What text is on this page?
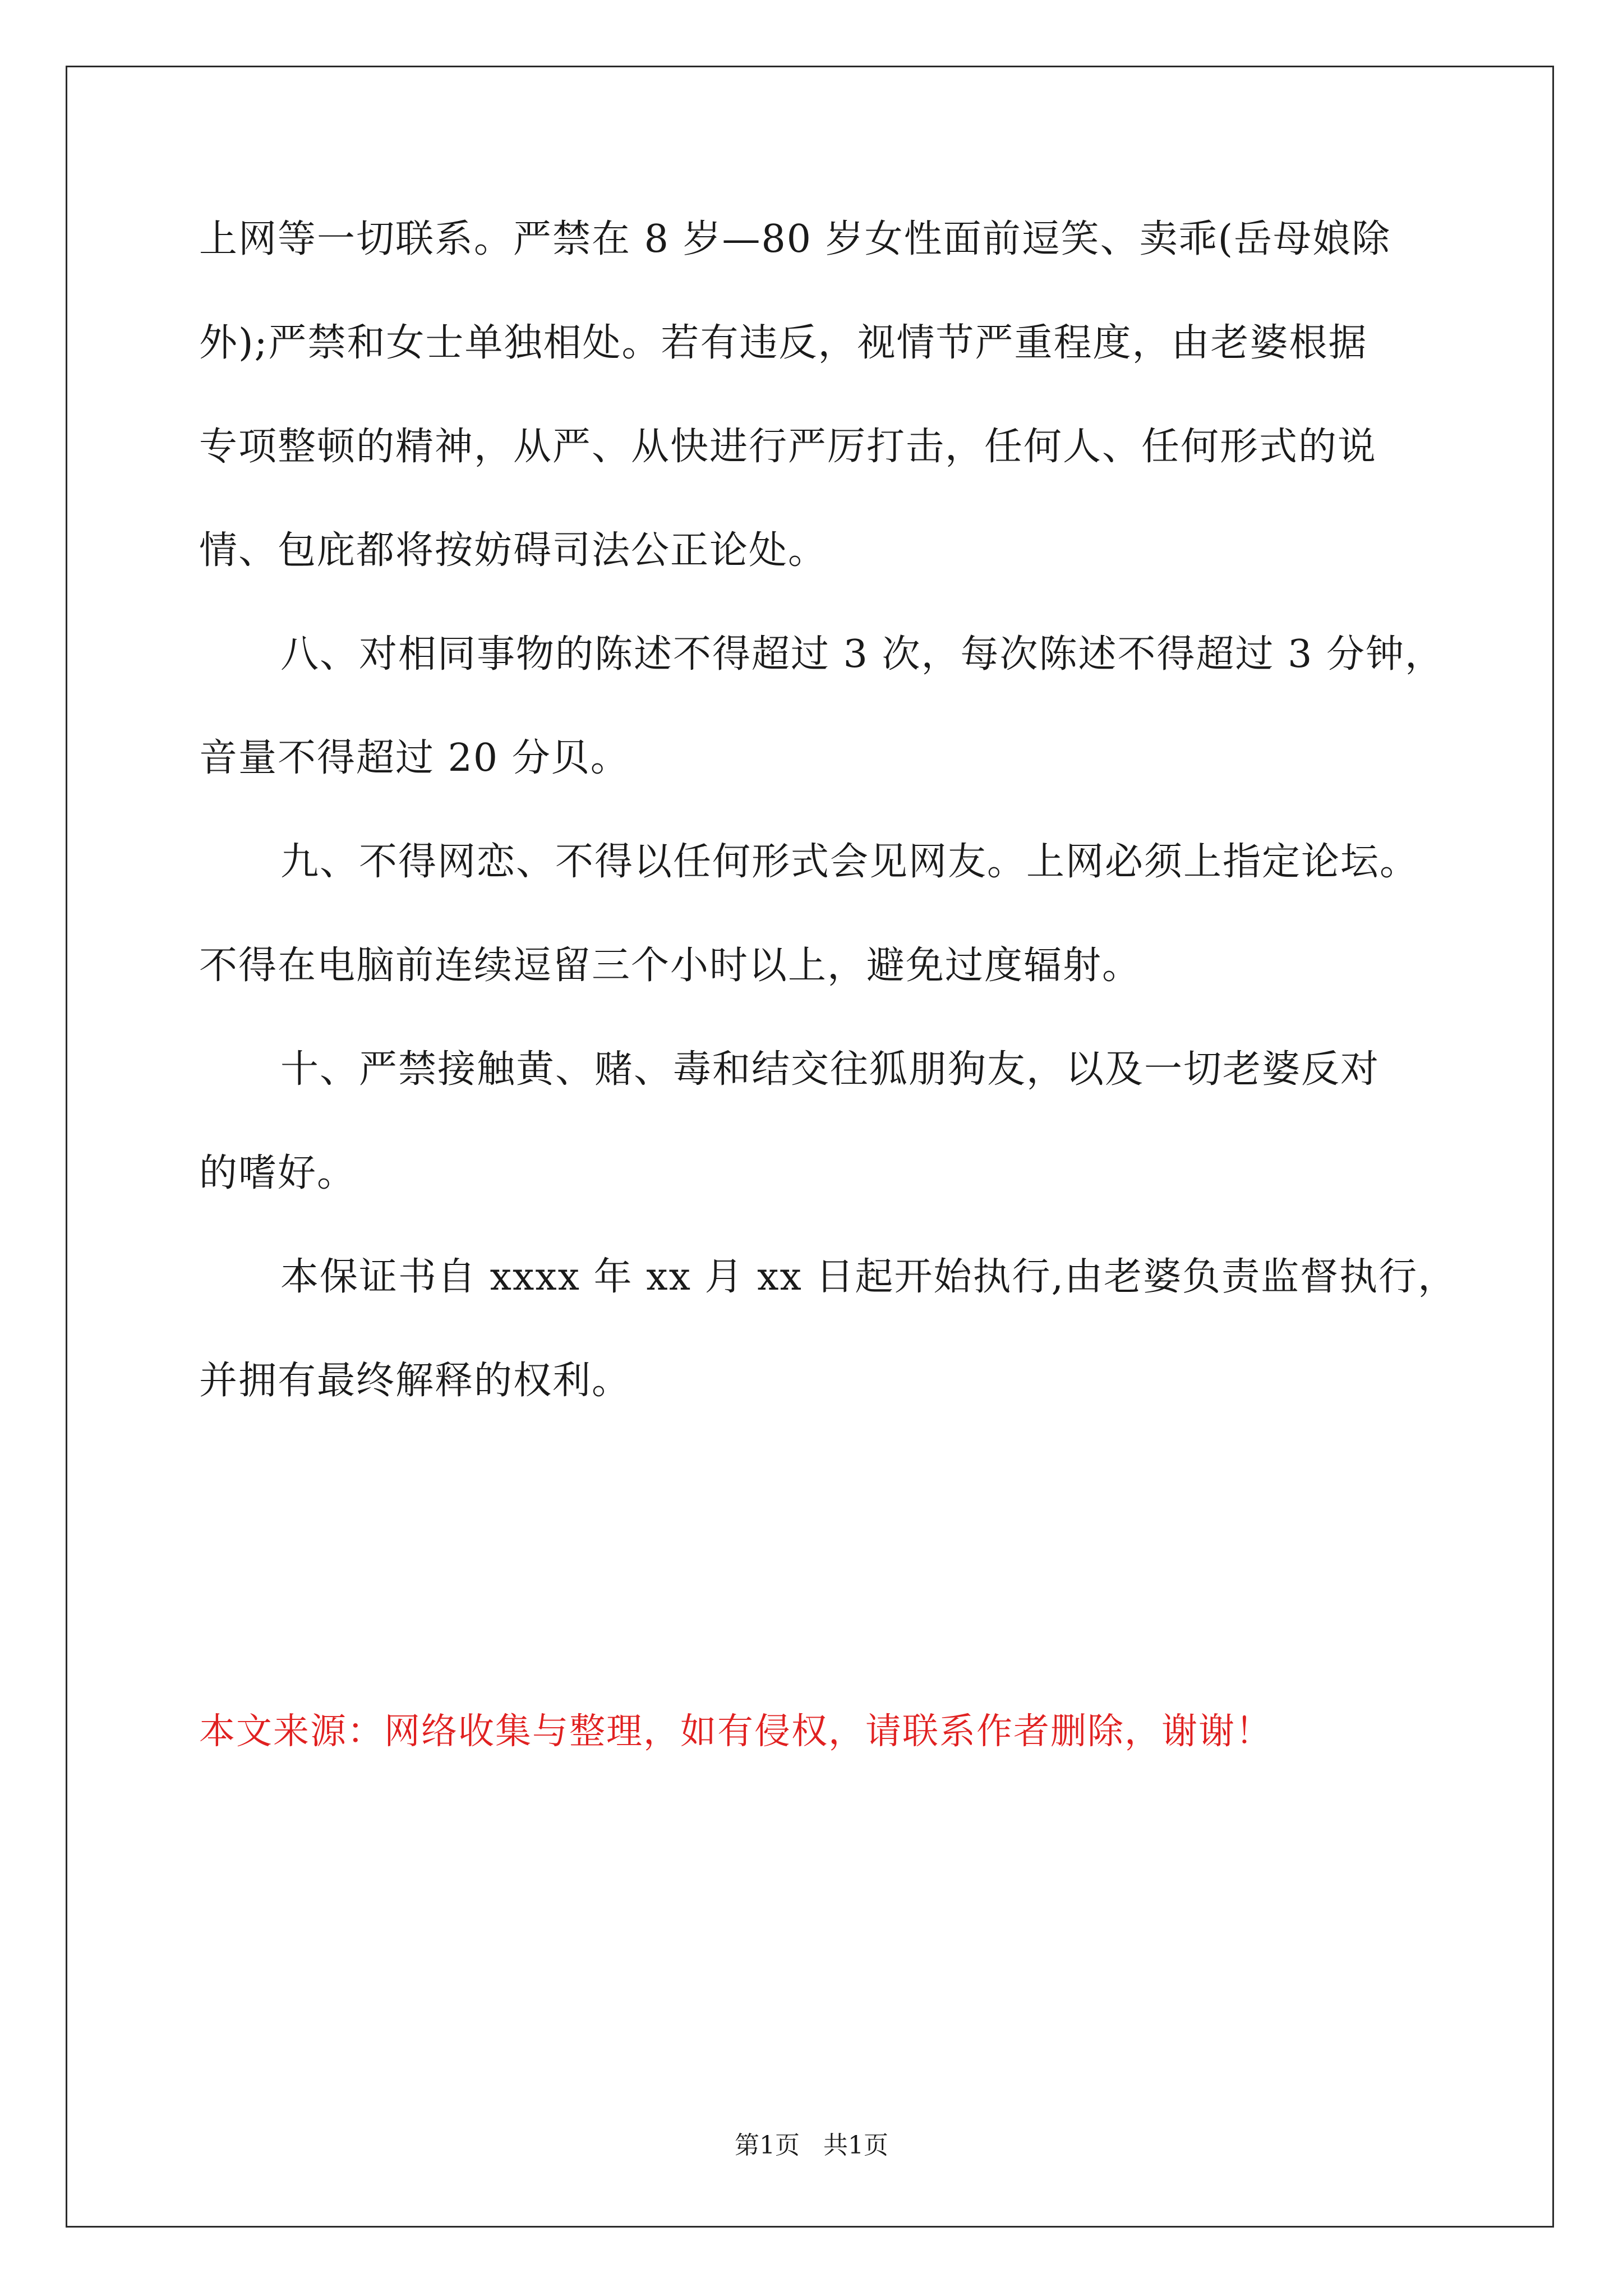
上网等一切联系。严禁在 8 岁—80 岁女性面前逗笑、卖乖(岳母娘除
外);严禁和女士单独相处。若有违反，视情节严重程度，由老婆根据
专项整顿的精神，从严、从快进行严厉打击，任何人、任何形式的说
情、包庇都将按妨碍司法公正论处。
八、对相同事物的陈述不得超过 3 次，每次陈述不得超过 3 分钟，
音量不得超过 20 分贝。
九、不得网恋、不得以任何形式会见网友。上网必须上指定论坛。
不得在电脑前连续逗留三个小时以上，避免过度辐射。
十、严禁接触黄、赌、毒和结交往狐朋狗友，以及一切老婆反对
的嗜好。
本保证书自 xxxx 年 xx 月 xx 日起开始执行,由老婆负责监督执行，
并拥有最终解释的权利。
本文来源：网络收集与整理，如有侵权，请联系作者删除，谢谢！
第1页   共1页
